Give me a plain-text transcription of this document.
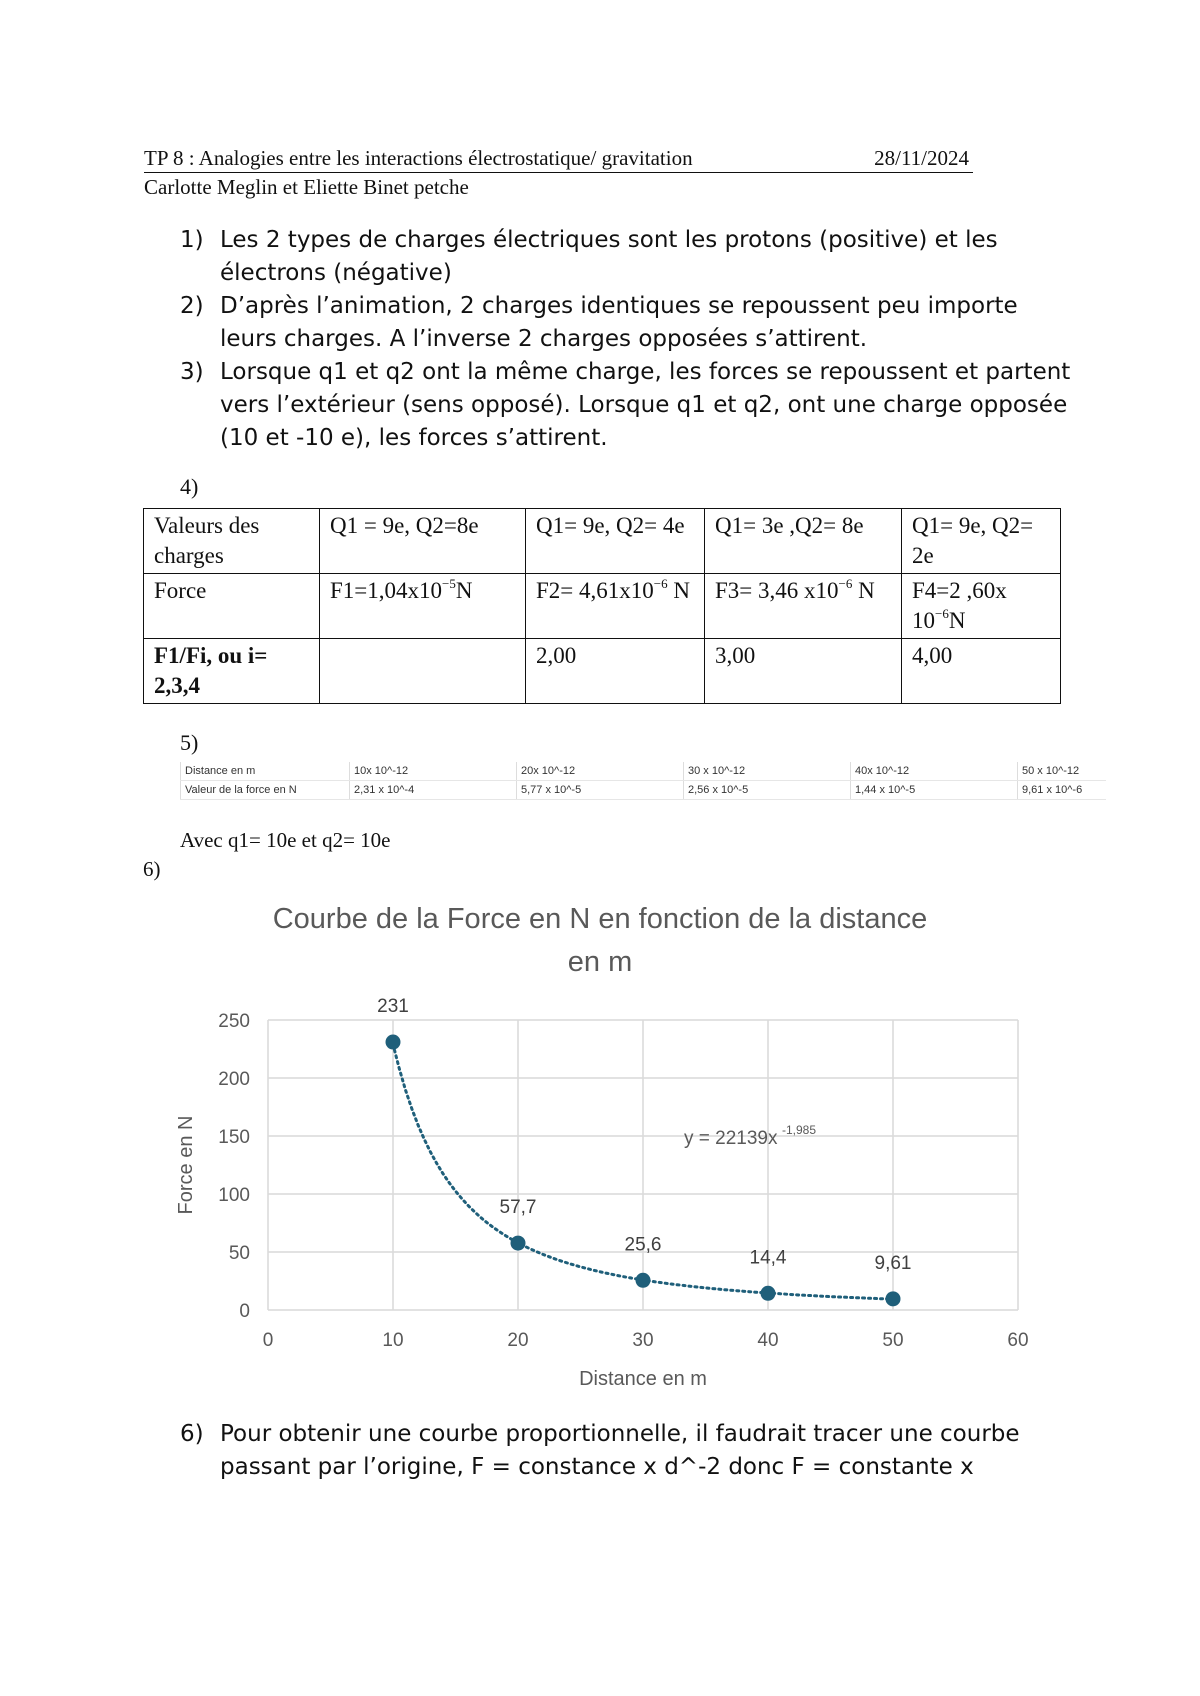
TP 8 : Analogies entre les interactions électrostatique/ gravitation	28/11/2024
Carlotte Meglin et Eliette Binet petche
1) Les 2 types de charges électriques sont les protons (positive) et les électrons (négative)
2) D’après l’animation, 2 charges identiques se repoussent peu importe leurs charges. A l’inverse 2 charges opposées s’attirent.
3) Lorsque q1 et q2 ont la même charge, les forces se repoussent et partent vers l’extérieur (sens opposé). Lorsque q1 et q2, ont une charge opposée (10 et -10 e), les forces s’attirent.
4)
Valeurs des charges	Q1 = 9e, Q2=8e	Q1= 9e, Q2= 4e	Q1= 3e ,Q2= 8e	Q1= 9e, Q2= 2e
Force	$F1=1,04x10^{-5}N$	$F2= 4,61x10^{-6}$ N	F3= 3,46 $x10^{-6}$ N	F4=2 ,60x $10^{-6}N$
F1/Fi, ou i= 2,3,4		2,00	3,00	4,00
5)
Distance en m	10x 10^-12	20x 10^-12	30 x 10^-12	40x 10^-12	50 x 10^-12
Valeur de la force en N	2,31 x 10^-4	5,77 x 10^-5	2,56 x 10^-5	1,44 x 10^-5	9,61 x 10^-6
Avec q1= 10e et q2= 10e
6)
Courbe de la Force en N en fonction de la distance
en m
0
50
100
150
200
250
0	10	20	30	40	50	60
Distance en m
Force en N	y = 22139x -1,985
231
57,7
25,6
14,4	9,61
6) Pour obtenir une courbe proportionnelle, il faudrait tracer une courbe passant par l’origine, F = constance x d^-2 donc F = constante x
